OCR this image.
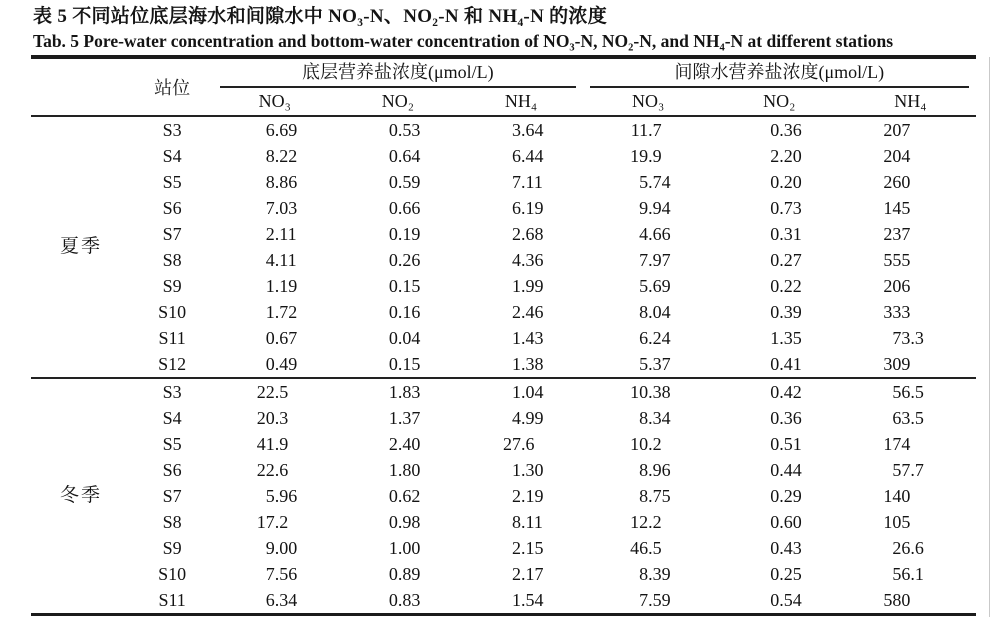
表 5 不同站位底层海水和间隙水中 NO₃-N、NO₂-N 和 NH₄-N 的浓度
Tab. 5 Pore-water concentration and bottom-water concentration of NO₃-N, NO₂-N, and NH₄-N at different stations
	站位	底层营养盐浓度(μmol/L)			间隙水营养盐浓度(μmol/L)		

		NO₃	NO₂	NH₄	NO₃	NO₂	NH₄
夏季	S3	6.69	0.53	3.64	11.7	0.36	207
	S4	8.22	0.64	6.44	19.9	2.20	204
	S5	8.86	0.59	7.11	5.74	0.20	260
	S6	7.03	0.66	6.19	9.94	0.73	145
	S7	2.11	0.19	2.68	4.66	0.31	237
	S8	4.11	0.26	4.36	7.97	0.27	555
	S9	1.19	0.15	1.99	5.69	0.22	206
	S10	1.72	0.16	2.46	8.04	0.39	333
	S11	0.67	0.04	1.43	6.24	1.35	73.3
	S12	0.49	0.15	1.38	5.37	0.41	309
冬季	S3	22.5	1.83	1.04	10.38	0.42	56.5
	S4	20.3	1.37	4.99	8.34	0.36	63.5
	S5	41.9	2.40	27.6	10.2	0.51	174
	S6	22.6	1.80	1.30	8.96	0.44	57.7
	S7	5.96	0.62	2.19	8.75	0.29	140
	S8	17.2	0.98	8.11	12.2	0.60	105
	S9	9.00	1.00	2.15	46.5	0.43	26.6
	S10	7.56	0.89	2.17	8.39	0.25	56.1
	S11	6.34	0.83	1.54	7.59	0.54	580
